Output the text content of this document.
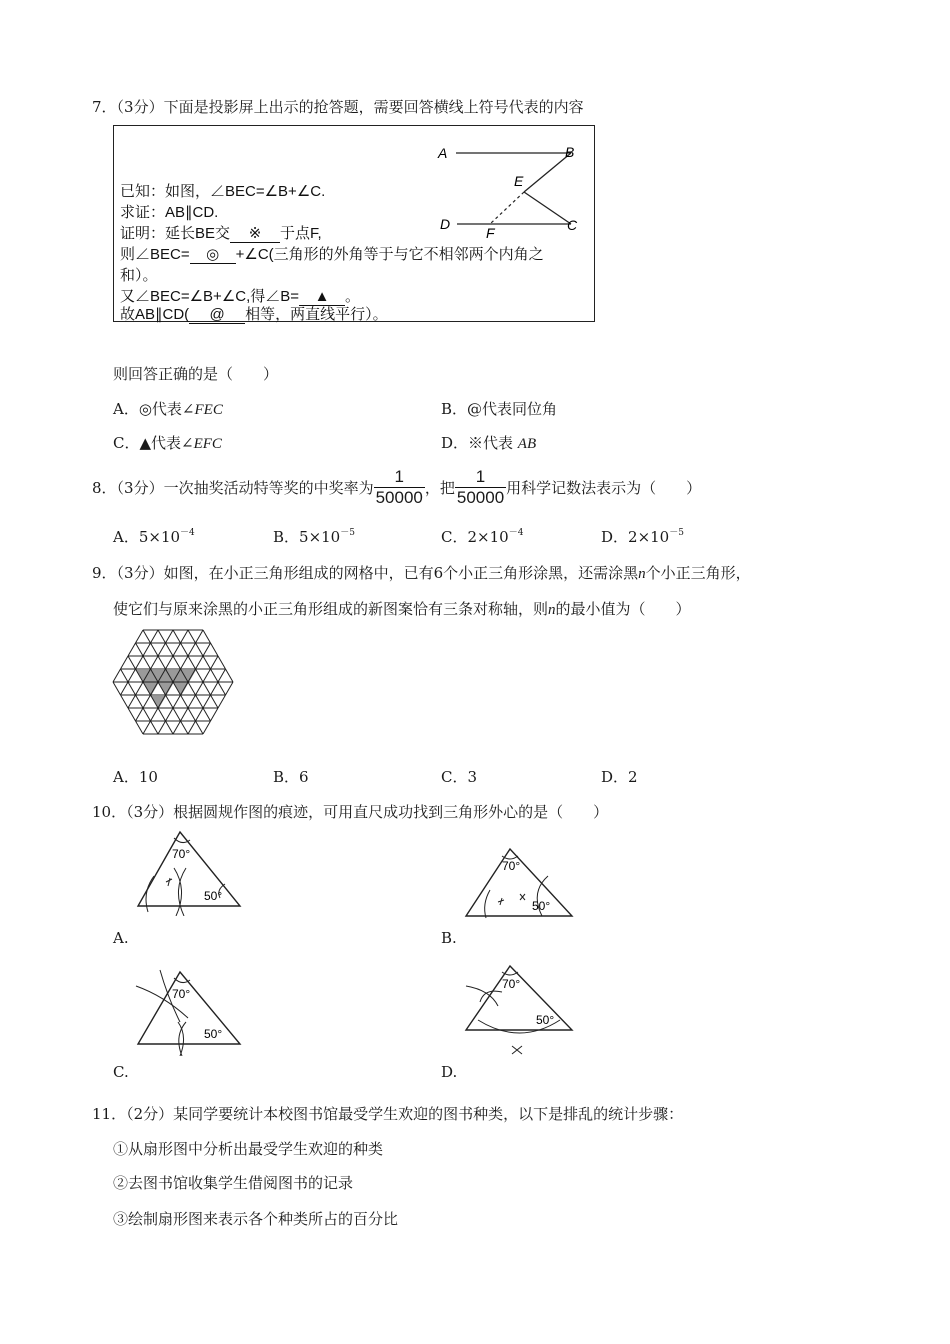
7．（3分）下面是投影屏上出示的抢答题，需要回答横线上符号代表的内容
A	B
E
D	C
F
已知：如图，∠BEC=∠B+∠C.
求证：AB∥CD.
证明：延长BE交 ※ 于点F,
则∠BEC= ◎ +∠C(三角形的外角等于与它不相邻两个内角之
和）。
又∠BEC=∠B+∠C,得∠B= ▲ 。
故AB∥CD( @ 相等，两直线平行）。
则回答正确的是（　　）
A．◎代表∠FEC	B．@代表同位角
C．▲代表∠EFC	D．※代表 AB
8．（3分）一次抽奖活动特等奖的中奖率为 $\frac{1}{50000}$ ，把 $\frac{1}{50000}$ 用科学记数法表示为（　　）
A．$5\times 10^{-4}$	B．$5\times 10^{-5}$	C．$2\times 10^{-4}$	D．$2\times 10^{-5}$
9．（3分）如图，在小正三角形组成的网格中，已有6个小正三角形涂黑，还需涂黑n个小正三角形，
使它们与原来涂黑的小正三角形组成的新图案恰有三条对称轴，则n的最小值为（　　）
A．10	B．6	C．3	D．2
10．（3分）根据圆规作图的痕迹，可用直尺成功找到三角形外心的是（　　）
70°
50°
A.
70°
50°
B.
70°
50°
C.
70°
50°
D.
11．（2分）某同学要统计本校图书馆最受学生欢迎的图书种类，以下是排乱的统计步骤：
①从扇形图中分析出最受学生欢迎的种类
②去图书馆收集学生借阅图书的记录
③绘制扇形图来表示各个种类所占的百分比
